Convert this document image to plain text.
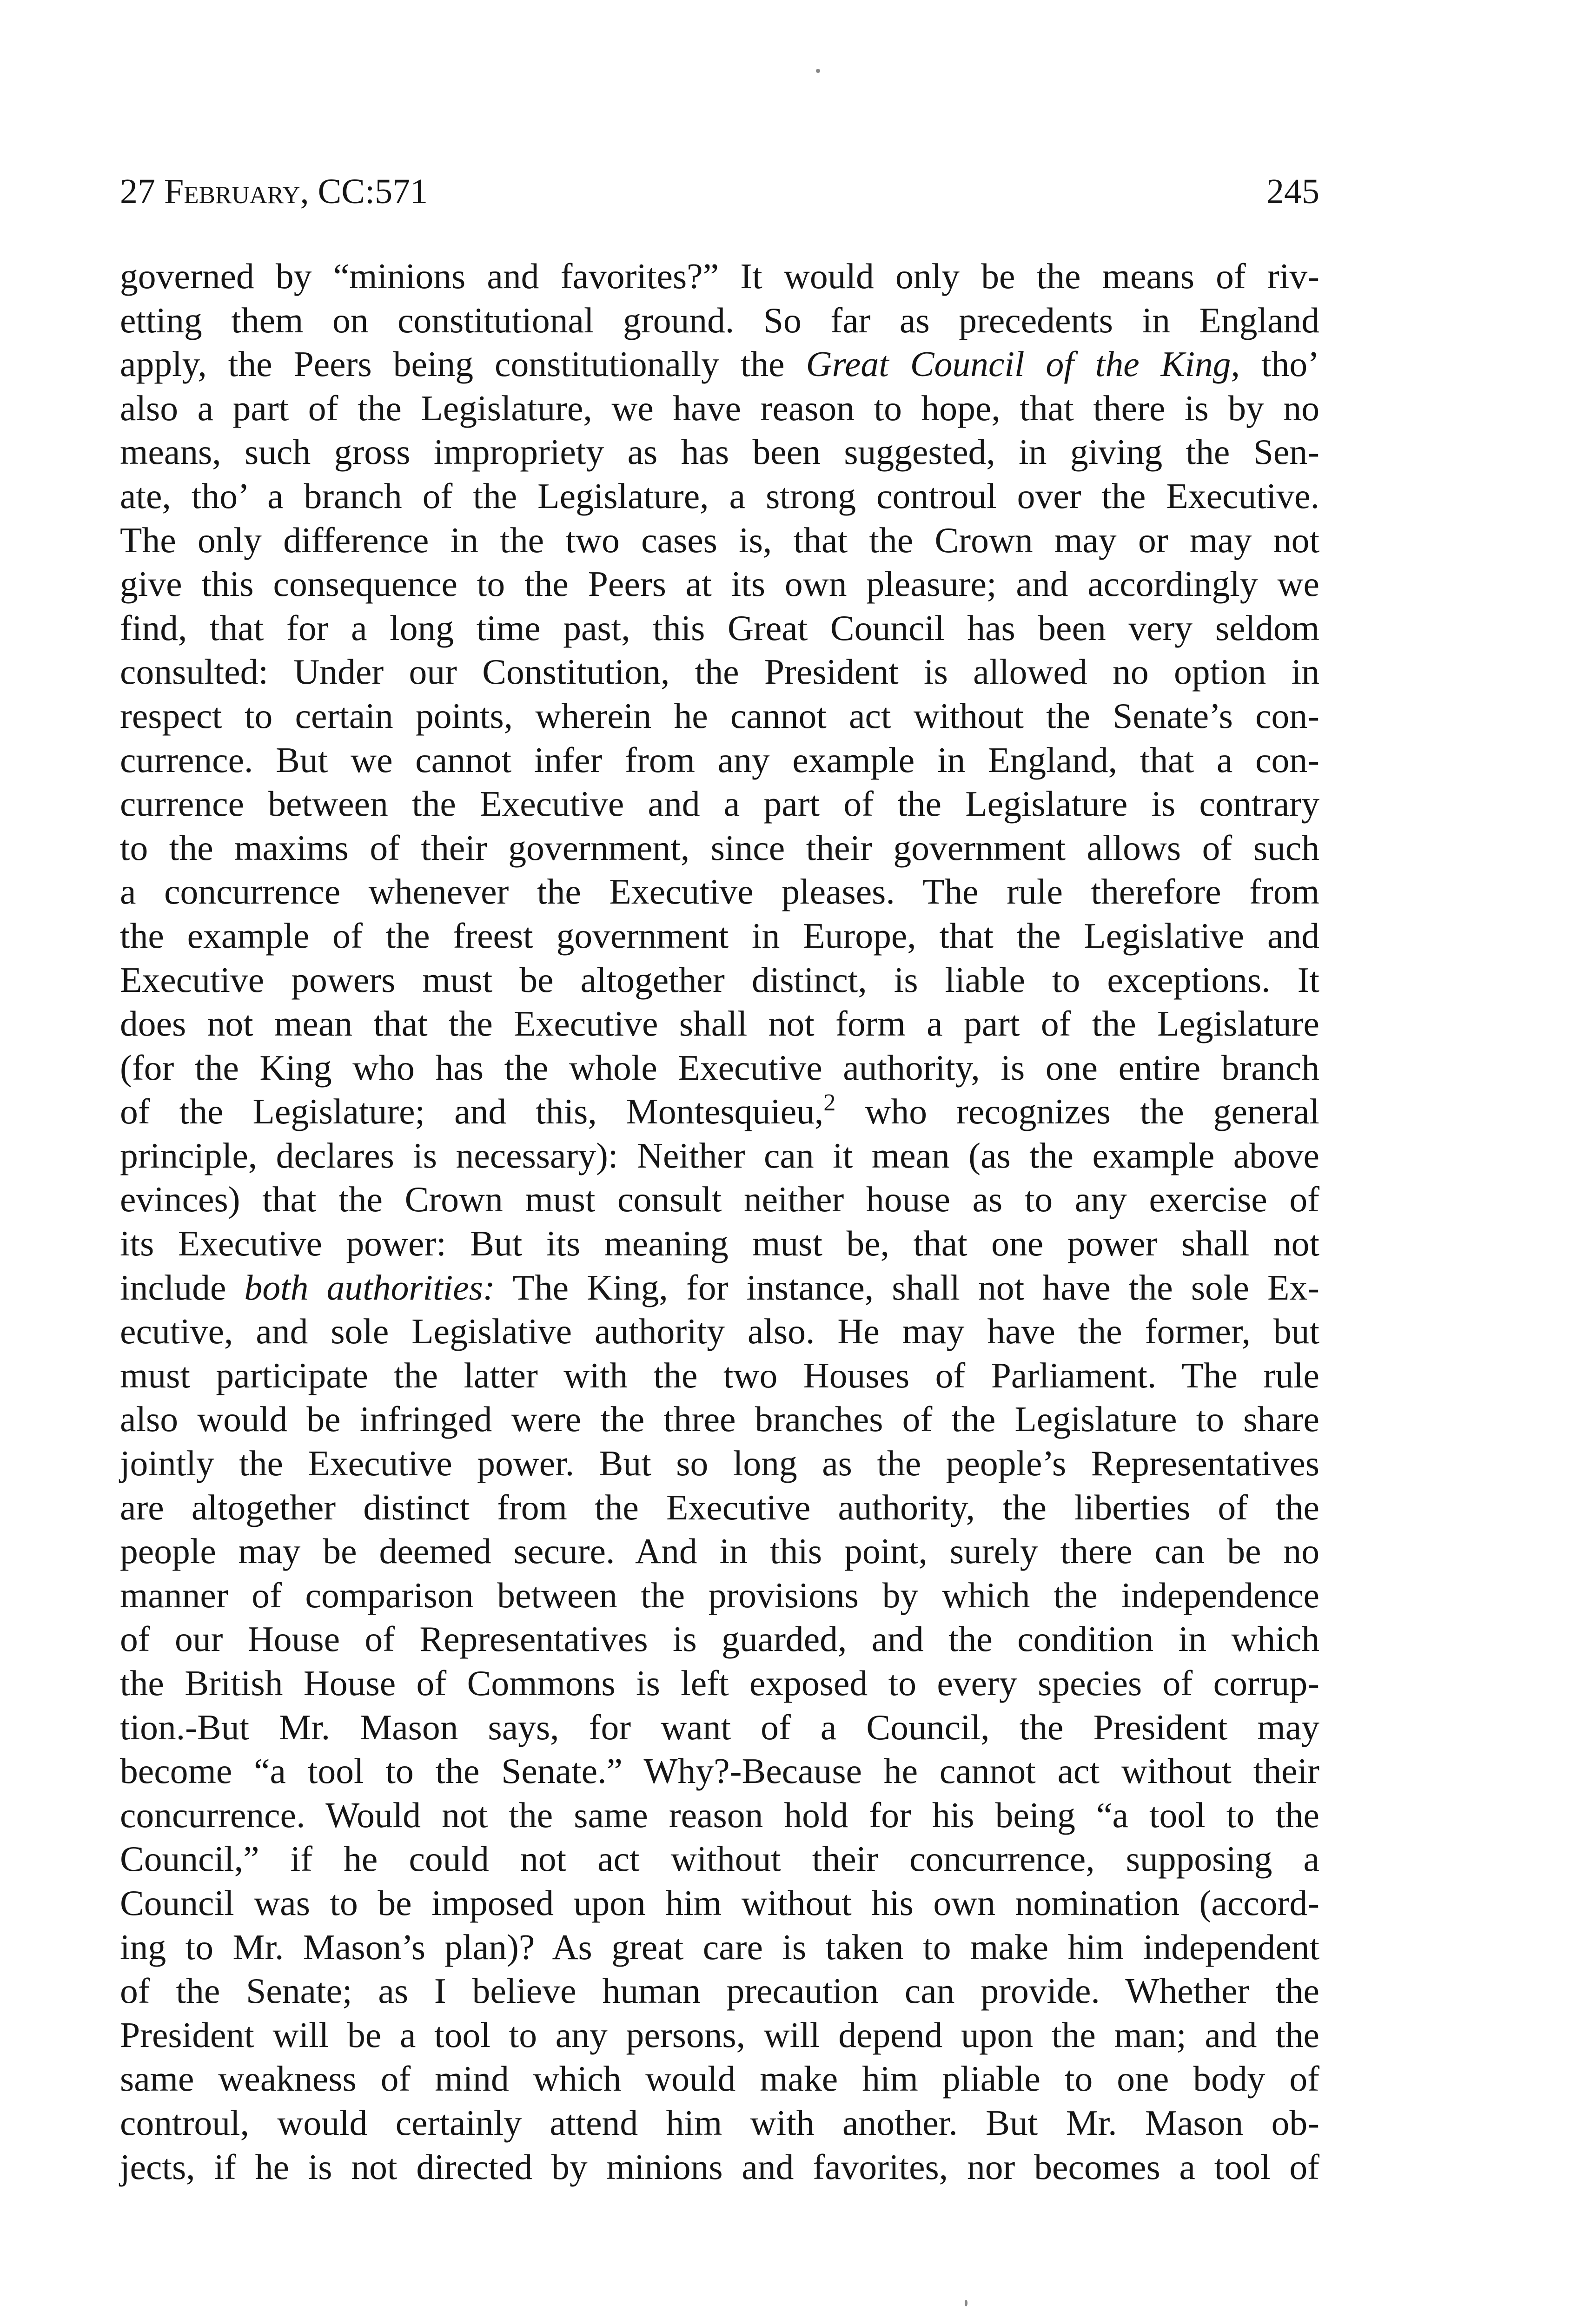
27 February, CC:571	245
governed by “minions and favorites?” It would only be the means of riv-
etting them on constitutional ground. So far as precedents in England
apply, the Peers being constitutionally the Great Council of the King, tho’
also a part of the Legislature, we have reason to hope, that there is by no
means, such gross impropriety as has been suggested, in giving the Sen-
ate, tho’ a branch of the Legislature, a strong controul over the Executive.
The only difference in the two cases is, that the Crown may or may not
give this consequence to the Peers at its own pleasure; and accordingly we
find, that for a long time past, this Great Council has been very seldom
consulted: Under our Constitution, the President is allowed no option in
respect to certain points, wherein he cannot act without the Senate’s con-
currence. But we cannot infer from any example in England, that a con-
currence between the Executive and a part of the Legislature is contrary
to the maxims of their government, since their government allows of such
a concurrence whenever the Executive pleases. The rule therefore from
the example of the freest government in Europe, that the Legislative and
Executive powers must be altogether distinct, is liable to exceptions. It
does not mean that the Executive shall not form a part of the Legislature
(for the King who has the whole Executive authority, is one entire branch
of the Legislature; and this, Montesquieu,$^2$ who recognizes the general
principle, declares is necessary): Neither can it mean (as the example above
evinces) that the Crown must consult neither house as to any exercise of
its Executive power: But its meaning must be, that one power shall not
include both authorities: The King, for instance, shall not have the sole Ex-
ecutive, and sole Legislative authority also. He may have the former, but
must participate the latter with the two Houses of Parliament. The rule
also would be infringed were the three branches of the Legislature to share
jointly the Executive power. But so long as the people’s Representatives
are altogether distinct from the Executive authority, the liberties of the
people may be deemed secure. And in this point, surely there can be no
manner of comparison between the provisions by which the independence
of our House of Representatives is guarded, and the condition in which
the British House of Commons is left exposed to every species of corrup-
tion.-But Mr. Mason says, for want of a Council, the President may
become “a tool to the Senate.” Why?-Because he cannot act without their
concurrence. Would not the same reason hold for his being “a tool to the
Council,” if he could not act without their concurrence, supposing a
Council was to be imposed upon him without his own nomination (accord-
ing to Mr. Mason’s plan)? As great care is taken to make him independent
of the Senate; as I believe human precaution can provide. Whether the
President will be a tool to any persons, will depend upon the man; and the
same weakness of mind which would make him pliable to one body of
controul, would certainly attend him with another. But Mr. Mason ob-
jects, if he is not directed by minions and favorites, nor becomes a tool of
